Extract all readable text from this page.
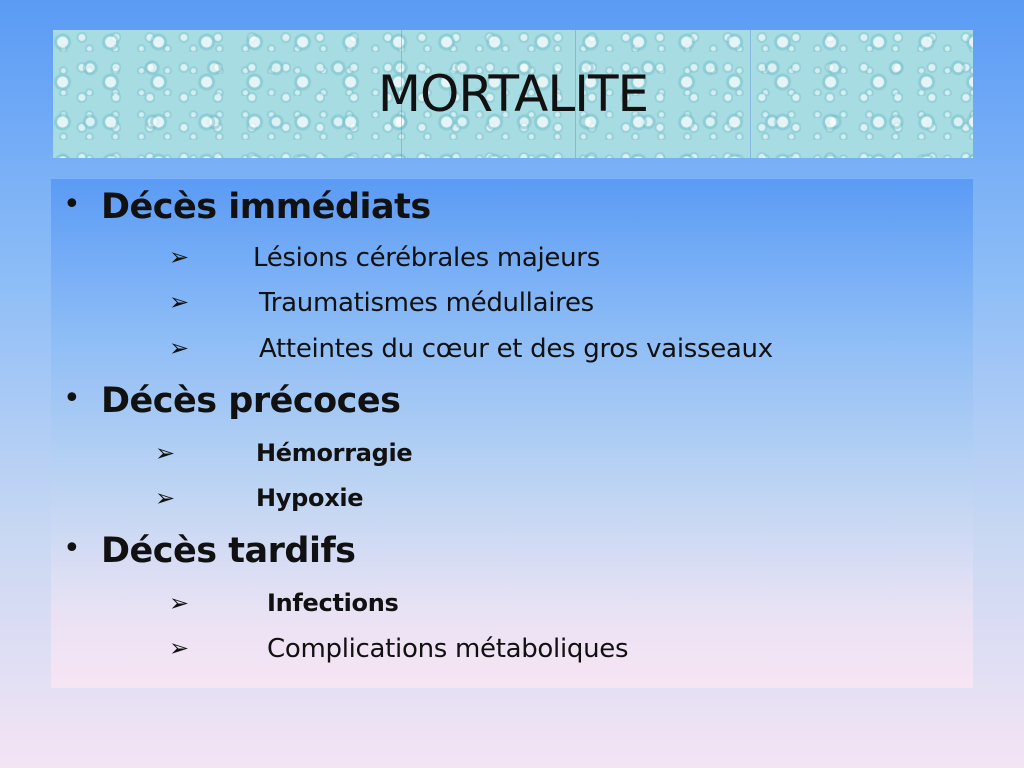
MORTALITE
• Décès immédiats
➢ Lésions cérébrales majeurs
➢	Traumatismes médullaires
➢	Atteintes du cœur et des gros vaisseaux
• Décès précoces
➢	Hémorragie
➢	Hypoxie
• Décès tardifs
➢	Infections
➢	Complications métaboliques
